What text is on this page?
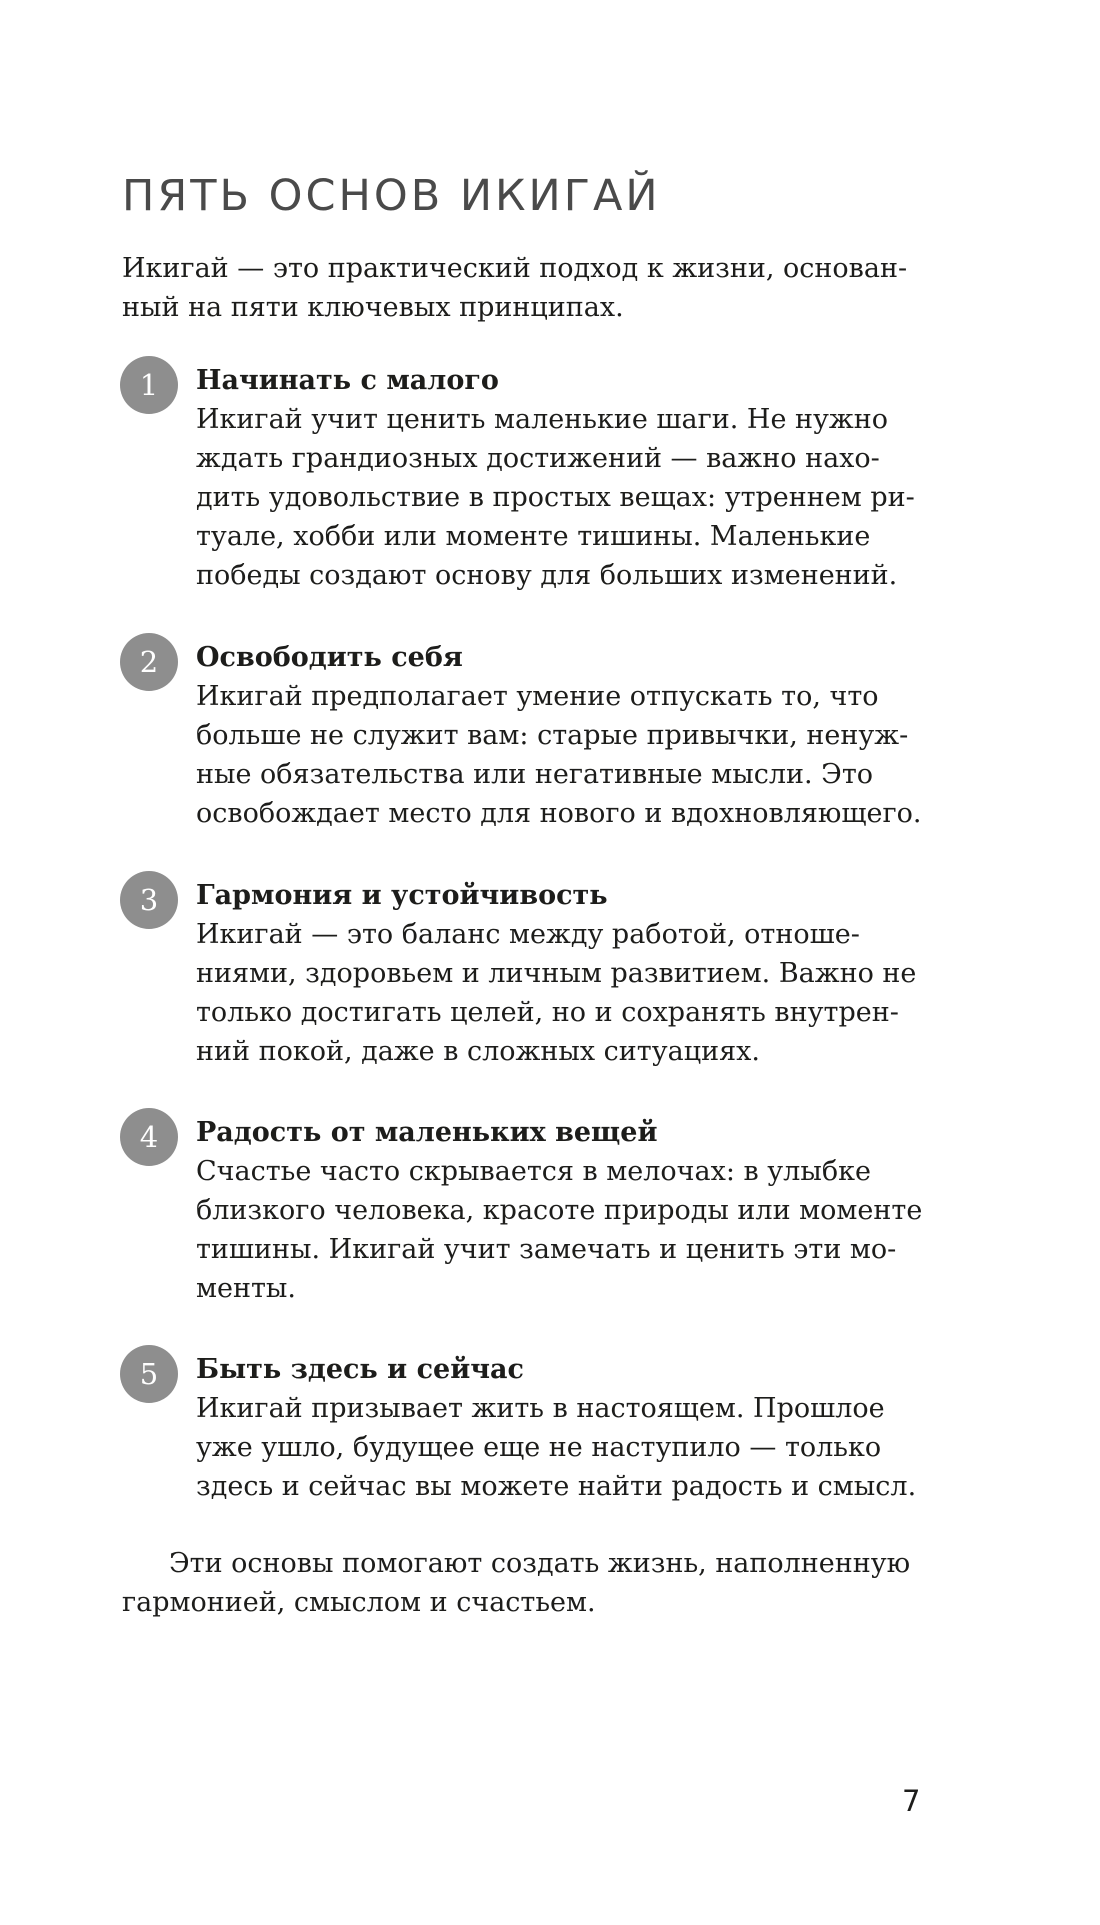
ПЯТЬ ОСНОВ ИКИГАЙ
Икигай — это практический подход к жизни, основан-
ный на пяти ключевых принципах.
1	Начинать с малого
Икигай учит ценить маленькие шаги. Не нужно
ждать грандиозных достижений — важно нахо-
дить удовольствие в простых вещах: утреннем ри-
туале, хобби или моменте тишины. Маленькие
победы создают основу для больших изменений.
2	Освободить себя
Икигай предполагает умение отпускать то, что
больше не служит вам: старые привычки, ненуж-
ные обязательства или негативные мысли. Это
освобождает место для нового и вдохновляющего.
3	Гармония и устойчивость
Икигай — это баланс между работой, отноше-
ниями, здоровьем и личным развитием. Важно не
только достигать целей, но и сохранять внутрен-
ний покой, даже в сложных ситуациях.
4	Радость от маленьких вещей
Счастье часто скрывается в мелочах: в улыбке
близкого человека, красоте природы или моменте
тишины. Икигай учит замечать и ценить эти мо-
менты.
5	Быть здесь и сейчас
Икигай призывает жить в настоящем. Прошлое
уже ушло, будущее еще не наступило — только
здесь и сейчас вы можете найти радость и смысл.
Эти основы помогают создать жизнь, наполненную
гармонией, смыслом и счастьем.
7
